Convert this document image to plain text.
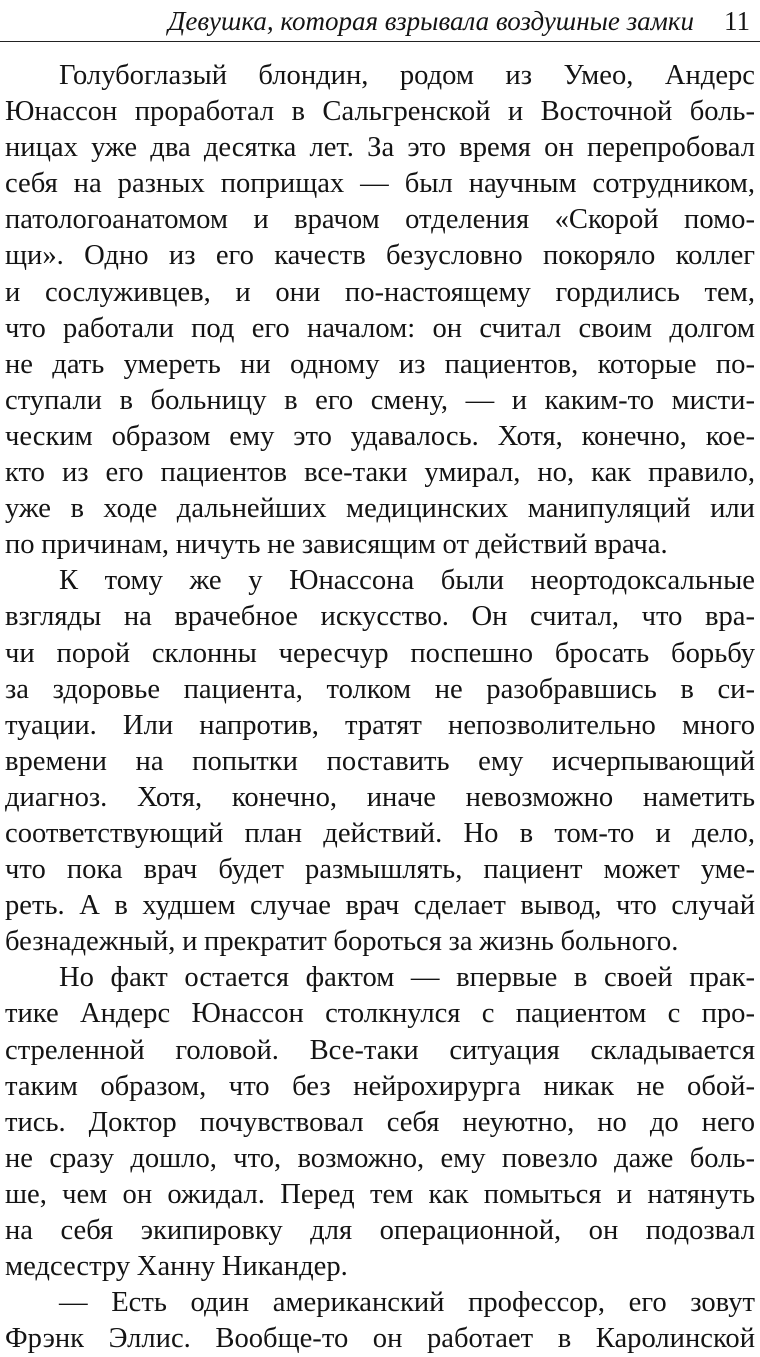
Девушка, которая взрывала воздушные замки 11
Голубоглазый блондин, родом из Умео, Андерс
Юнассон проработал в Сальгренской и Восточной боль-
ницах уже два десятка лет. За это время он перепробовал
себя на разных поприщах — был научным сотрудником,
патологоанатомом и врачом отделения «Скорой помо-
щи». Одно из его качеств безусловно покоряло коллег
и сослуживцев, и они по-настоящему гордились тем,
что работали под его началом: он считал своим долгом
не дать умереть ни одному из пациентов, которые по-
ступали в больницу в его смену, — и каким-то мисти-
ческим образом ему это удавалось. Хотя, конечно, кое-
кто из его пациентов все-таки умирал, но, как правило,
уже в ходе дальнейших медицинских манипуляций или
по причинам, ничуть не зависящим от действий врача.
К тому же у Юнассона были неортодоксальные
взгляды на врачебное искусство. Он считал, что вра-
чи порой склонны чересчур поспешно бросать борьбу
за здоровье пациента, толком не разобравшись в си-
туации. Или напротив, тратят непозволительно много
времени на попытки поставить ему исчерпывающий
диагноз. Хотя, конечно, иначе невозможно наметить
соответствующий план действий. Но в том-то и дело,
что пока врач будет размышлять, пациент может уме-
реть. А в худшем случае врач сделает вывод, что случай
безнадежный, и прекратит бороться за жизнь больного.
Но факт остается фактом — впервые в своей прак-
тике Андерс Юнассон столкнулся с пациентом с про-
стреленной головой. Все-таки ситуация складывается
таким образом, что без нейрохирурга никак не обой-
тись. Доктор почувствовал себя неуютно, но до него
не сразу дошло, что, возможно, ему повезло даже боль-
ше, чем он ожидал. Перед тем как помыться и натянуть
на себя экипировку для операционной, он подозвал
медсестру Ханну Никандер.
— Есть один американский профессор, его зовут
Фрэнк Эллис. Вообще-то он работает в Каролинской
